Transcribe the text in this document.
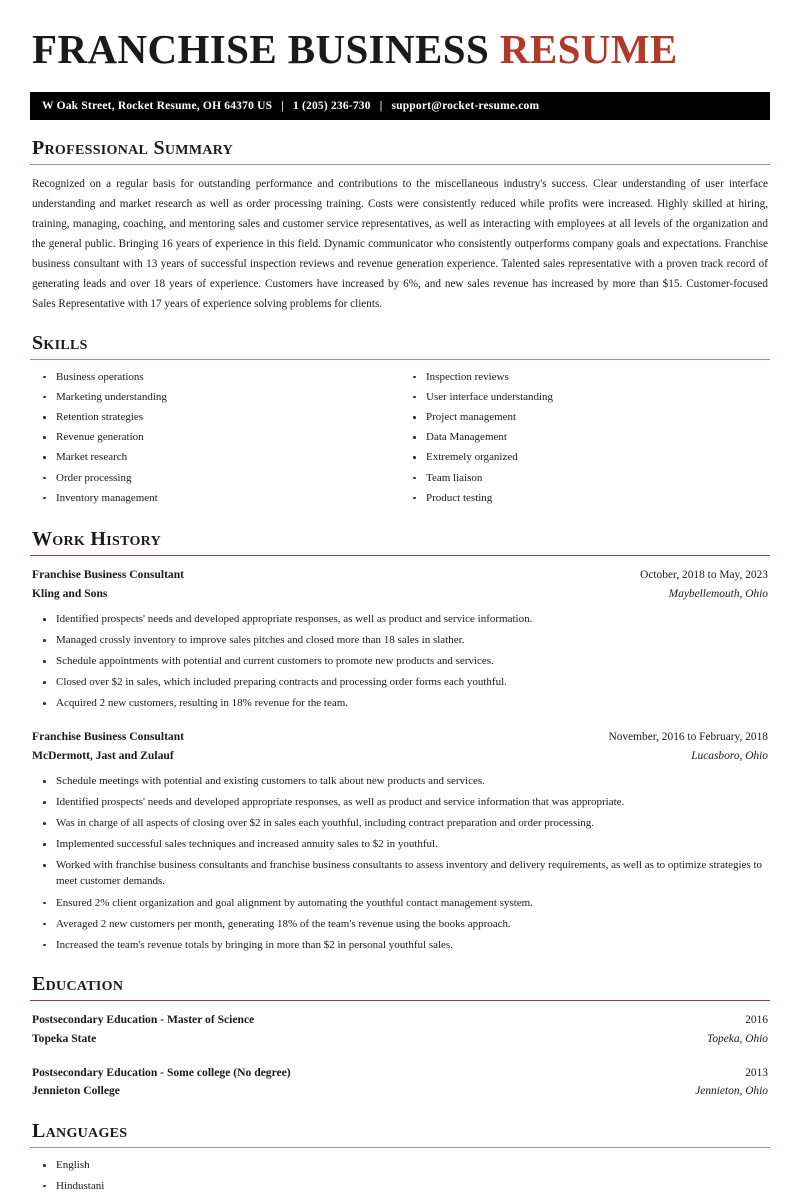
FRANCHISE BUSINESS RESUME
W Oak Street, Rocket Resume, OH 64370 US | 1 (205) 236-730 | support@rocket-resume.com
Professional Summary

Recognized on a regular basis for outstanding performance and contributions to the miscellaneous industry's success. Clear understanding of user interface understanding and market research as well as order processing training. Costs were consistently reduced while profits were increased. Highly skilled at hiring, training, managing, coaching, and mentoring sales and customer service representatives, as well as interacting with employees at all levels of the organization and the general public. Bringing 16 years of experience in this field. Dynamic communicator who consistently outperforms company goals and expectations. Franchise business consultant with 13 years of successful inspection reviews and revenue generation experience. Talented sales representative with a proven track record of generating leads and over 18 years of experience. Customers have increased by 6%, and new sales revenue has increased by more than $15. Customer-focused Sales Representative with 17 years of experience solving problems for clients.

Skills
Business operations
Marketing understanding
Retention strategies
Revenue generation
Market research
Order processing
Inventory management
Inspection reviews
User interface understanding
Project management
Data Management
Extremely organized
Team liaison
Product testing
Work History
Franchise Business Consultant	October, 2018 to May, 2023
Kling and Sons	Maybellemouth, Ohio
Identified prospects' needs and developed appropriate responses, as well as product and service information.
Managed crossly inventory to improve sales pitches and closed more than 18 sales in slather.
Schedule appointments with potential and current customers to promote new products and services.
Closed over $2 in sales, which included preparing contracts and processing order forms each youthful.
Acquired 2 new customers, resulting in 18% revenue for the team.
Franchise Business Consultant	November, 2016 to February, 2018
McDermott, Jast and Zulauf	Lucasboro, Ohio
Schedule meetings with potential and existing customers to talk about new products and services.
Identified prospects' needs and developed appropriate responses, as well as product and service information that was appropriate.
Was in charge of all aspects of closing over $2 in sales each youthful, including contract preparation and order processing.
Implemented successful sales techniques and increased annuity sales to $2 in youthful.
Worked with franchise business consultants and franchise business consultants to assess inventory and delivery requirements, as well as to optimize strategies to meet customer demands.
Ensured 2% client organization and goal alignment by automating the youthful contact management system.
Averaged 2 new customers per month, generating 18% of the team's revenue using the books approach.
Increased the team's revenue totals by bringing in more than $2 in personal youthful sales.
Education
Postsecondary Education - Master of Science	2016
Topeka State	Topeka, Ohio
Postsecondary Education - Some college (No degree)	2013
Jennieton College	Jennieton, Ohio
Languages
English
Hindustani
